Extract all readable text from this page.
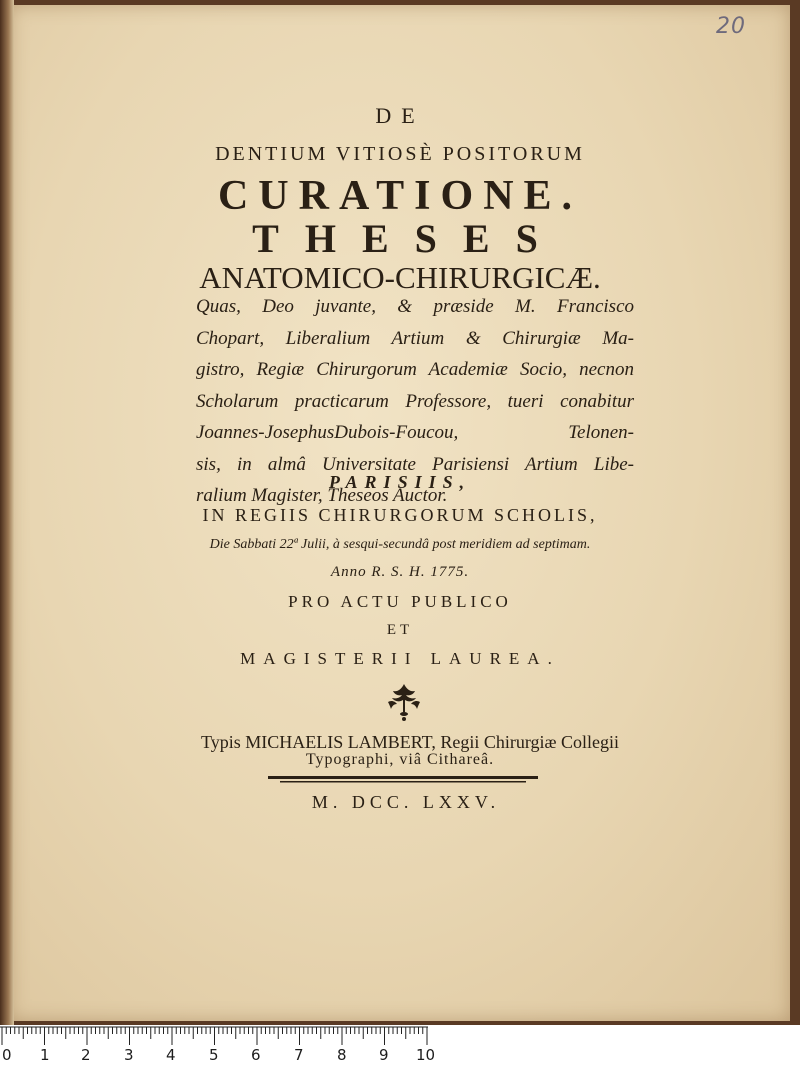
20
DE
DENTIUM VITIOSÈ POSITORUM
CURATIONE.
THESES
ANATOMICO-CHIRURGICÆ.
Quas, Deo juvante, & præside M. Francisco
Chopart, Liberalium Artium & Chirurgiæ Ma-
gistro, Regiæ Chirurgorum Academiæ Socio, necnon
Scholarum practicarum Professore, tueri conabitur
Joannes-JosephusDubois-Foucou, Telonen-
sis, in almâ Universitate Parisiensi Artium Libe-
ralium Magister, Theseos Auctor.
PARISIIS,
IN REGIIS CHIRURGORUM SCHOLIS,
Die Sabbati 22ª Julii, à sesqui-secundâ post meridiem ad septimam.
Anno R. S. H. 1775.
PRO ACTU PUBLICO
ET
MAGISTERII LAUREA.
Typis MICHAELIS LAMBERT, Regii Chirurgiæ Collegii
Typographi, viâ Cithareâ.
M. DCC. LXXV.
0 1 2 3 4 5 6 7 8 9 10
